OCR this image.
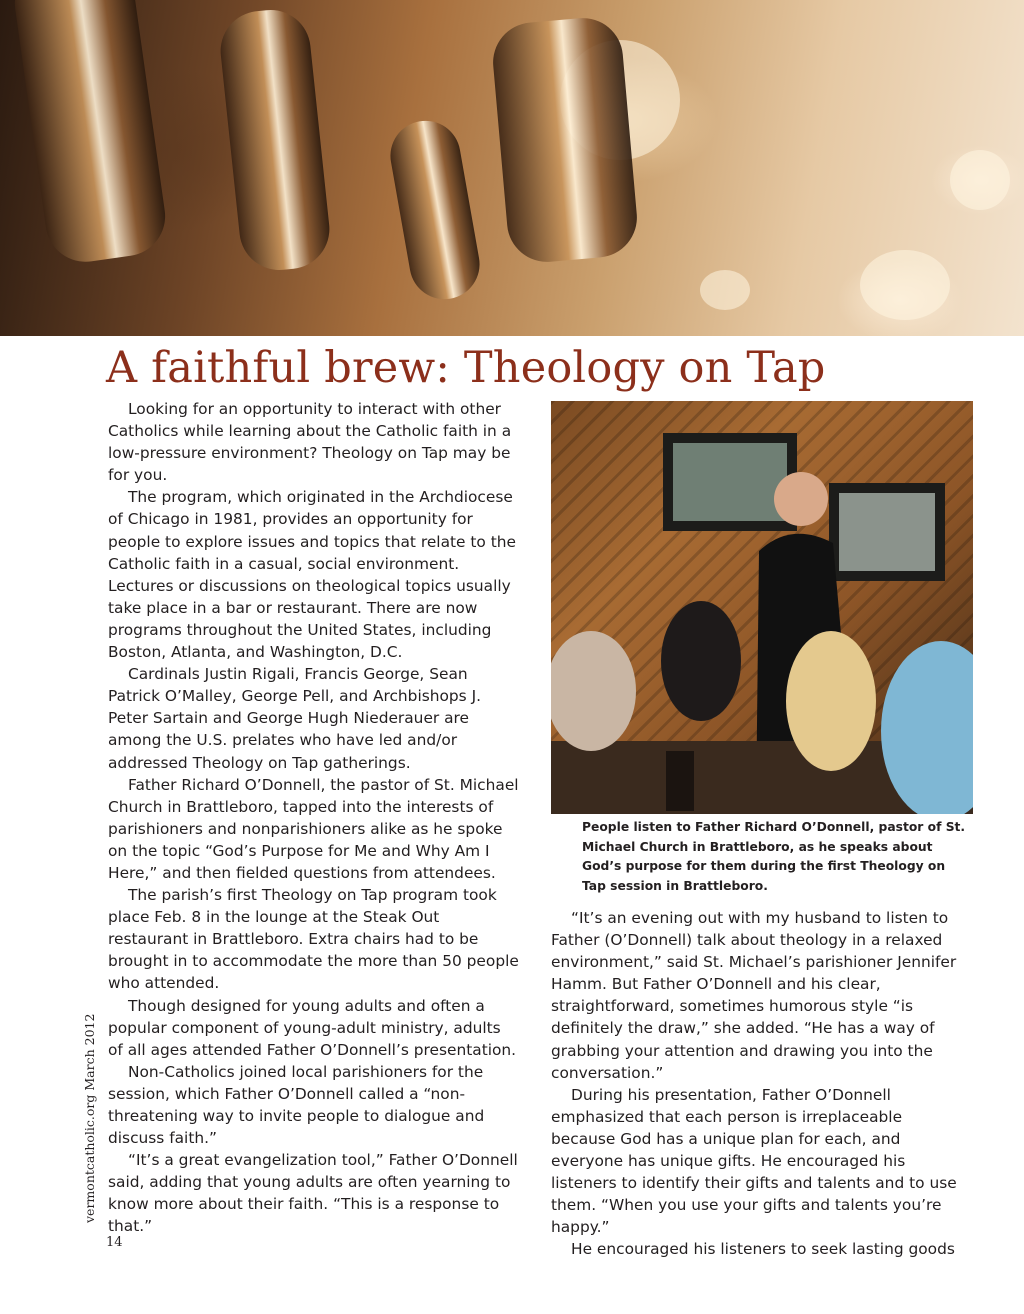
A faithful brew: Theology on Tap

Looking for an opportunity to interact with other Catholics while learning about the Catholic faith in a low-pressure environment? Theology on Tap may be for you.

The program, which originated in the Archdiocese of Chicago in 1981, provides an opportunity for people to explore issues and topics that relate to the Catholic faith in a casual, social environment. Lectures or discussions on theological topics usually take place in a bar or restaurant. There are now programs throughout the United States, including Boston, Atlanta, and Washington, D.C.

Cardinals Justin Rigali, Francis George, Sean Patrick O’Malley, George Pell, and Archbishops J. Peter Sartain and George Hugh Niederauer are among the U.S. prelates who have led and/or addressed Theology on Tap gatherings.

Father Richard O’Donnell, the pastor of St. Michael Church in Brattleboro, tapped into the interests of parishioners and nonparishioners alike as he spoke on the topic “God’s Purpose for Me and Why Am I Here,” and then fielded questions from attendees.

The parish’s first Theology on Tap program took place Feb. 8 in the lounge at the Steak Out restaurant in Brattleboro. Extra chairs had to be brought in to accommodate the more than 50 people who attended.

Though designed for young adults and often a popular component of young-adult ministry, adults of all ages attended Father O’Donnell’s presentation.

Non-Catholics joined local parishioners for the session, which Father O’Donnell called a “non-threatening way to invite people to dialogue and discuss faith.”

“It’s a great evangelization tool,” Father O’Donnell said, adding that young adults are often yearning to know more about their faith. “This is a response to that.”

People listen to Father Richard O’Donnell, pastor of St. Michael Church in Brattleboro, as he speaks about God’s purpose for them during the first Theology on Tap session in Brattleboro.

“It’s an evening out with my husband to listen to Father (O’Donnell) talk about theology in a relaxed environment,” said St. Michael’s parishioner Jennifer Hamm. But Father O’Donnell and his clear, straightforward, sometimes humorous style “is definitely the draw,” she added. “He has a way of grabbing your attention and drawing you into the conversation.”

During his presentation, Father O’Donnell emphasized that each person is irreplaceable because God has a unique plan for each, and everyone has unique gifts. He encouraged his listeners to identify their gifts and talents and to use them. “When you use your gifts and talents you’re happy.”

He encouraged his listeners to seek lasting goods

vermontcatholic.org March 2012
14
